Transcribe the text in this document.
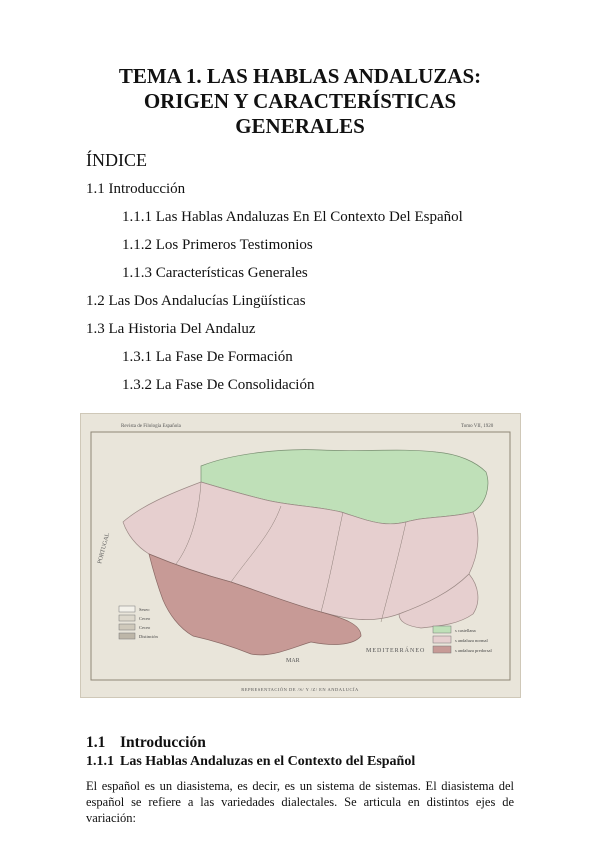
TEMA 1. LAS HABLAS ANDALUZAS:
ORIGEN Y CARACTERÍSTICAS
GENERALES
ÍNDICE
1.1 Introducción
1.1.1 Las Hablas Andaluzas En El Contexto Del Español
1.1.2 Los Primeros Testimonios
1.1.3 Características Generales
1.2 Las Dos Andalucías Lingüísticas
1.3 La Historia Del Andaluz
1.3.1 La Fase De Formación
1.3.2 La Fase De Consolidación
Revista de Filología Española	Tomo VII, 1920
PORTUGAL
MEDITERRÁNEO
MAR
Seseo
Ceceo
Ceceo
Distinción
s castellana
s andaluza normal
s andaluza predorsal
REPRESENTACIÓN DE /S/ Y /Z/ EN ANDALUCÍA
1.1 Introducción
1.1.1 Las Hablas Andaluzas en el Contexto del Español
El español es un diasistema, es decir, es un sistema de sistemas. El diasistema del español se refiere a las variedades dialectales. Se articula en distintos ejes de variación:
